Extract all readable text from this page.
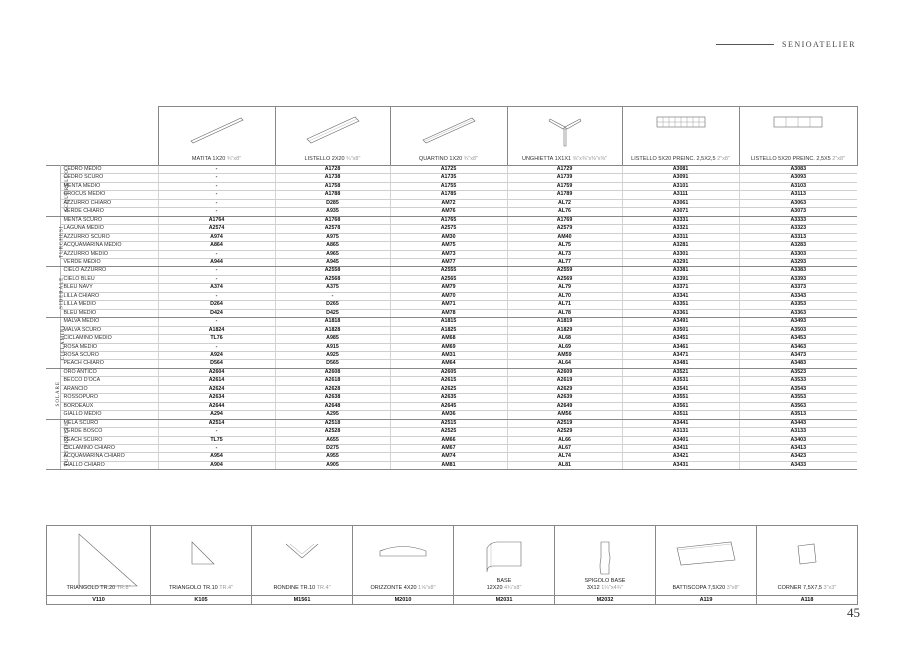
SENIOATELIER

		MATITA 1X20 ¾"x8"	LISTELLO 2X20 ¾"x8"	QUARTINO 1X20 ¾"x8"	UNGHIETTA 1X1X1 ⅜"x⅜"x⅜"x⅜"	LISTELLO 5X20 PREINC. 2,5X2,5 2"x8"	LISTELLO 5X20 PREINC. 2,5X5 2"x8"

ACQUERELLO	CEDRO MEDIO	-	A1728	A1725	A1729	A3081	A3083
	CEDRO SCURO	-	A1738	A1735	A1739	A3091	A3093
	MENTA MEDIO	-	A1758	A1755	A1759	A3101	A3103
	CROCUS MEDIO	-	A1788	A1785	A1789	A3111	A3113
	AZZURRO CHIARO	-	D285	AM72	AL72	A3061	A3063
	VERDE CHIARO	-	A935	AM76	AL76	A3071	A3073
TURCHESI	MENTA SCURO	A1764	A1768	A1765	A1769	A3331	A3333
	LAGUNA MEDIO	A2574	A2578	A2575	A2579	A3321	A3323
	AZZURRO SCURO	A974	A975	AM30	AM40	A3311	A3313
	ACQUAMARINA MEDIO	A864	A865	AM75	AL75	A3281	A3283
	AZZURRO MEDIO	-	A965	AM73	AL73	A3301	A3303
	VERDE MEDIO	A944	A945	AM77	AL77	A3291	A3293
SIDERALE	CIELO AZZURRO	-	A2558	A2555	A2559	A3381	A3383
	CIELO BLEU	-	A2568	A2565	A2569	A3391	A3393
	BLEU NAVY	A374	A375	AM79	AL79	A3371	A3373
	LILLA CHIARO	-	-	AM70	AL70	A3341	A3343
	LILLA MEDIO	D264	D265	AM71	AL71	A3351	A3353
	BLEU MEDIO	D424	D425	AM78	AL78	A3361	A3363
CICLAMINI	MALVA MEDIO	-	A1818	A1815	A1819	A3491	A3493
	MALVA SCURO	A1824	A1828	A1825	A1829	A3501	A3503
	CICLAMINO MEDIO	TL76	A985	AM68	AL68	A3451	A3453
	ROSA MEDIO	-	A915	AM69	AL69	A3461	A3463
	ROSA SCURO	A924	A925	AM31	AM59	A3471	A3473
	PEACH CHIARO	D564	D565	AM64	AL64	A3481	A3483
SOLARE	ORO ANTICO	A2604	A2608	A2605	A2609	A3521	A3523
	BECCO D'OCA	A2614	A2618	A2615	A2619	A3531	A3533
	ARANCIO	A2624	A2628	A2625	A2629	A3541	A3543
	ROSSOPURO	A2634	A2638	A2635	A2639	A3551	A3553
	BORDEAUX	A2644	A2648	A2645	A2649	A3561	A3563
	GIALLO MEDIO	A294	A295	AM36	AM56	A3511	A3513
TUTTIFRUTTI	MELA SCURO	A2514	A2518	A2515	A2519	A3441	A3443
	VERDE BOSCO	-	A2528	A2525	A2529	A3131	A3133
	PEACH SCURO	TL75	A655	AM66	AL66	A3401	A3403
	CICLAMINO CHIARO	-	D275	AM67	AL67	A3411	A3413
	ACQUAMARINA CHIARO	A954	A955	AM74	AL74	A3421	A3423
	GIALLO CHIARO	A904	A905	AM81	AL81	A3431	A3433
TRIANGOLO TR.20 TR.8"	TRIANGOLO TR.10 TR.4"	RONDINE TR.10 TR.4"	ORIZZONTE 4X20 1⅝"x8"	BASE
12X20 4¾"x8"	SPIGOLO BASE
3X12 1¼"x4¾"	BATTISCOPA 7,5X20 3"x8"	CORNER 7,5X7,5 3"x3"

V110	K105	M1561	M2010	M2031	M2032	A119	A118
45
